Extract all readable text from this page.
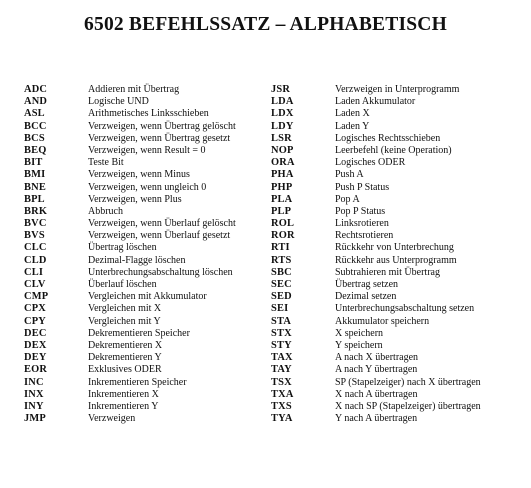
6502 BEFEHLSSATZ – ALPHABETISCH
ADC	Addieren mit Übertrag
AND	Logische UND
ASL	Arithmetisches Linksschieben
BCC	Verzweigen, wenn Übertrag gelöscht
BCS	Verzweigen, wenn Übertrag gesetzt
BEQ	Verzweigen, wenn Result = 0
BIT	Teste Bit
BMI	Verzweigen, wenn Minus
BNE	Verzweigen, wenn ungleich 0
BPL	Verzweigen, wenn Plus
BRK	Abbruch
BVC	Verzweigen, wenn Überlauf gelöscht
BVS	Verzweigen, wenn Überlauf gesetzt
CLC	Übertrag löschen
CLD	Dezimal-Flagge löschen
CLI	Unterbrechungsabschaltung löschen
CLV	Überlauf löschen
CMP	Vergleichen mit Akkumulator
CPX	Vergleichen mit X
CPY	Vergleichen mit Y
DEC	Dekrementieren Speicher
DEX	Dekrementieren X
DEY	Dekrementieren Y
EOR	Exklusives ODER
INC	Inkrementieren Speicher
INX	Inkrementieren X
INY	Inkrementieren Y
JMP	Verzweigen
JSR	Verzweigen in Unterprogramm
LDA	Laden Akkumulator
LDX	Laden X
LDY	Laden Y
LSR	Logisches Rechtsschieben
NOP	Leerbefehl (keine Operation)
ORA	Logisches ODER
PHA	Push A
PHP	Push P Status
PLA	Pop A
PLP	Pop P Status
ROL	Linksrotieren
ROR	Rechtsrotieren
RTI	Rückkehr von Unterbrechung
RTS	Rückkehr aus Unterprogramm
SBC	Subtrahieren mit Übertrag
SEC	Übertrag setzen
SED	Dezimal setzen
SEI	Unterbrechungsabschaltung setzen
STA	Akkumulator speichern
STX	X speichern
STY	Y speichern
TAX	A nach X übertragen
TAY	A nach Y übertragen
TSX	SP (Stapelzeiger) nach X übertragen
TXA	X nach A übertragen
TXS	X nach SP (Stapelzeiger) übertragen
TYA	Y nach A übertragen
